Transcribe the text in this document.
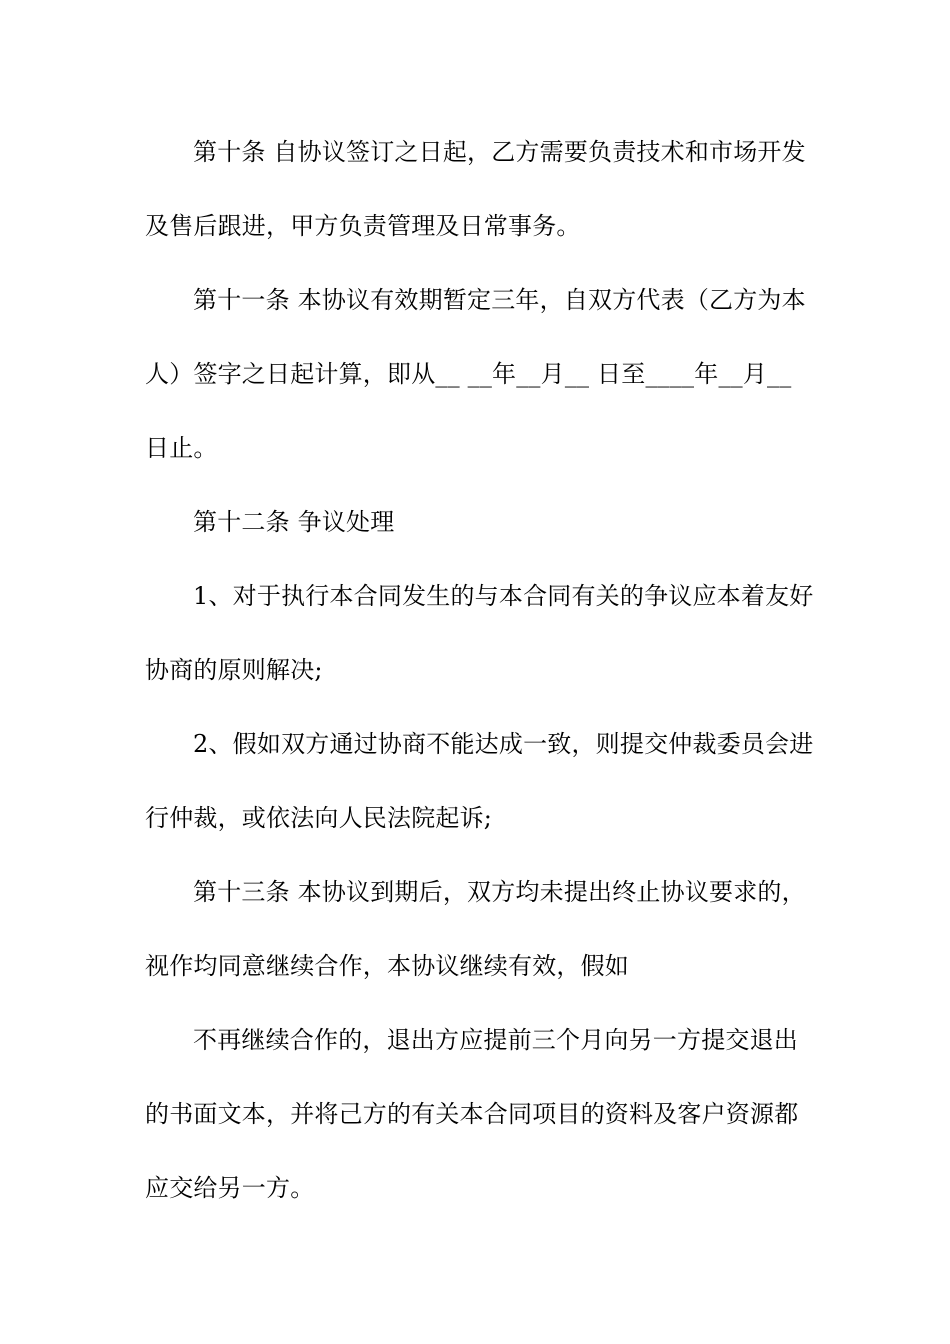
第十条 自协议签订之日起，乙方需要负责技术和市场开发
及售后跟进，甲方负责管理及日常事务。
第十一条 本协议有效期暂定三年，自双方代表（乙方为本
人）签字之日起计算，即从__ __年__月__ 日至____年__月__
日止。
第十二条 争议处理
1、对于执行本合同发生的与本合同有关的争议应本着友好
协商的原则解决;
2、假如双方通过协商不能达成一致，则提交仲裁委员会进
行仲裁，或依法向人民法院起诉;
第十三条 本协议到期后，双方均未提出终止协议要求的，
视作均同意继续合作，本协议继续有效，假如
不再继续合作的，退出方应提前三个月向另一方提交退出
的书面文本，并将己方的有关本合同项目的资料及客户资源都
应交给另一方。
